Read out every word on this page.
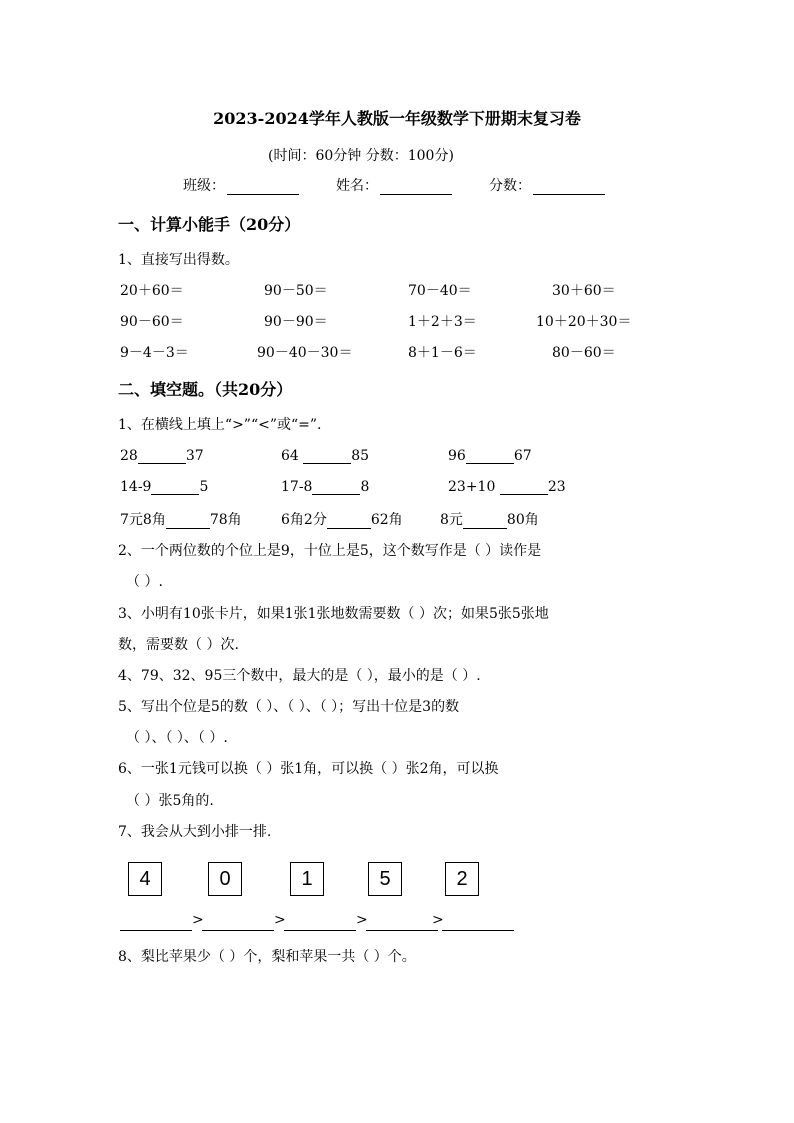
2023-2024学年人教版一年级数学下册期末复习卷
(时间：60分钟 分数：100分)
班级：	姓名：	分数：
一、计算小能手（20分）
1、直接写出得数。
20＋60＝	90－50＝	70－40＝	30＋60＝
90－60＝	90－90＝	1＋2＋3＝	10＋20＋30＝
9－4－3＝	90－40－30＝	8＋1－6＝	80－60＝
二、填空题。（共20分）
1、在横线上填上“>”“<”或“=”.
28	37	64	85	96	67
14-9	5	17-8	8	23+10	23
7元8角	78角	6角2分	62角	8元	80角
2、一个两位数的个位上是9，十位上是5，这个数写作是（ ）读作是
（ ）.
3、小明有10张卡片，如果1张1张地数需要数（ ）次；如果5张5张地
数，需要数（ ）次.
4、79、32、95三个数中，最大的是（ ），最小的是（ ）.
5、写出个位是5的数（ ）、（ ）、（ ）；写出十位是3的数
（ ）、（ ）、（ ）.
6、一张1元钱可以换（ ）张1角，可以换（ ）张2角，可以换
（ ）张5角的.
7、我会从大到小排一排.
4	0	1	5	2
>	>	>	>
8、梨比苹果少（ ）个，梨和苹果一共（ ）个。
